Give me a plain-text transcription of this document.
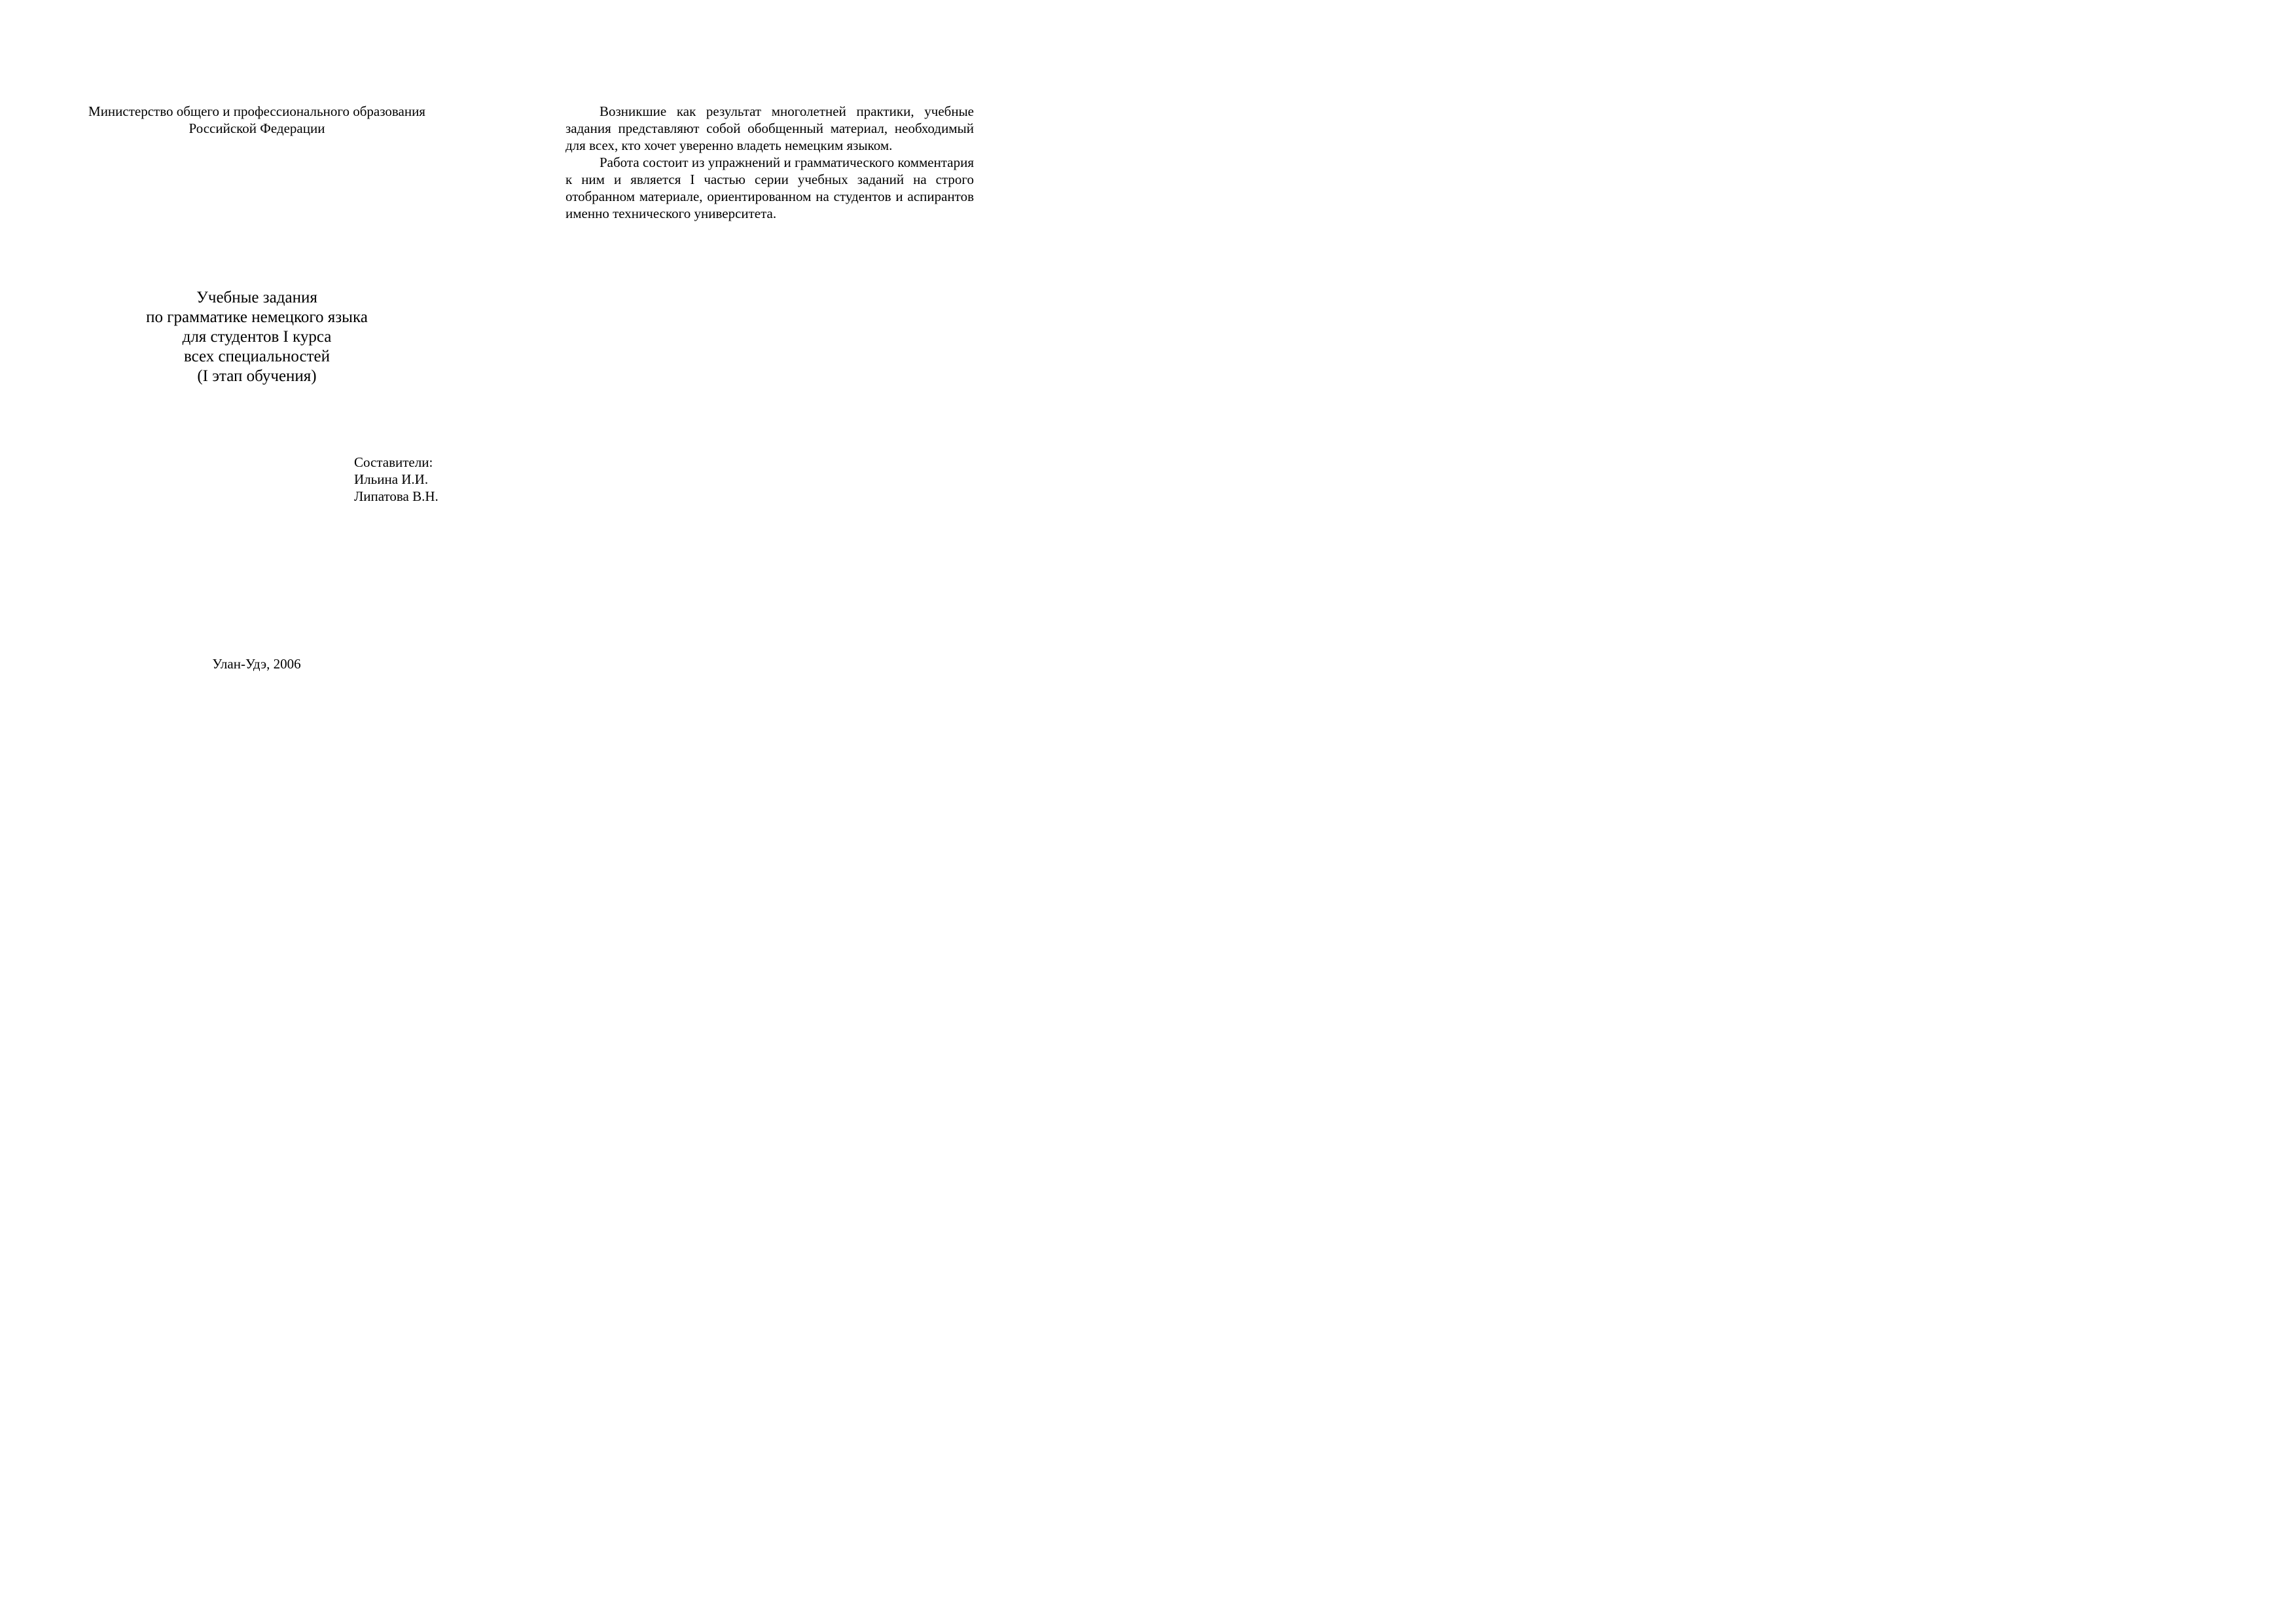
Министерство общего и профессионального образования
Российской Федерации
Учебные задания
по грамматике немецкого языка
для студентов I курса
всех специальностей
(I этап обучения)
Составители:
Ильина И.И.
Липатова В.Н.
Улан-Удэ, 2006

Возникшие как результат многолетней практики, учебные задания представляют собой обобщенный материал, необходимый для всех, кто хочет уверенно владеть немецким языком.

Работа состоит из упражнений и грамматического комментария к ним и является I частью серии учебных заданий на строго отобранном материале, ориентированном на студентов и аспирантов именно технического университета.
